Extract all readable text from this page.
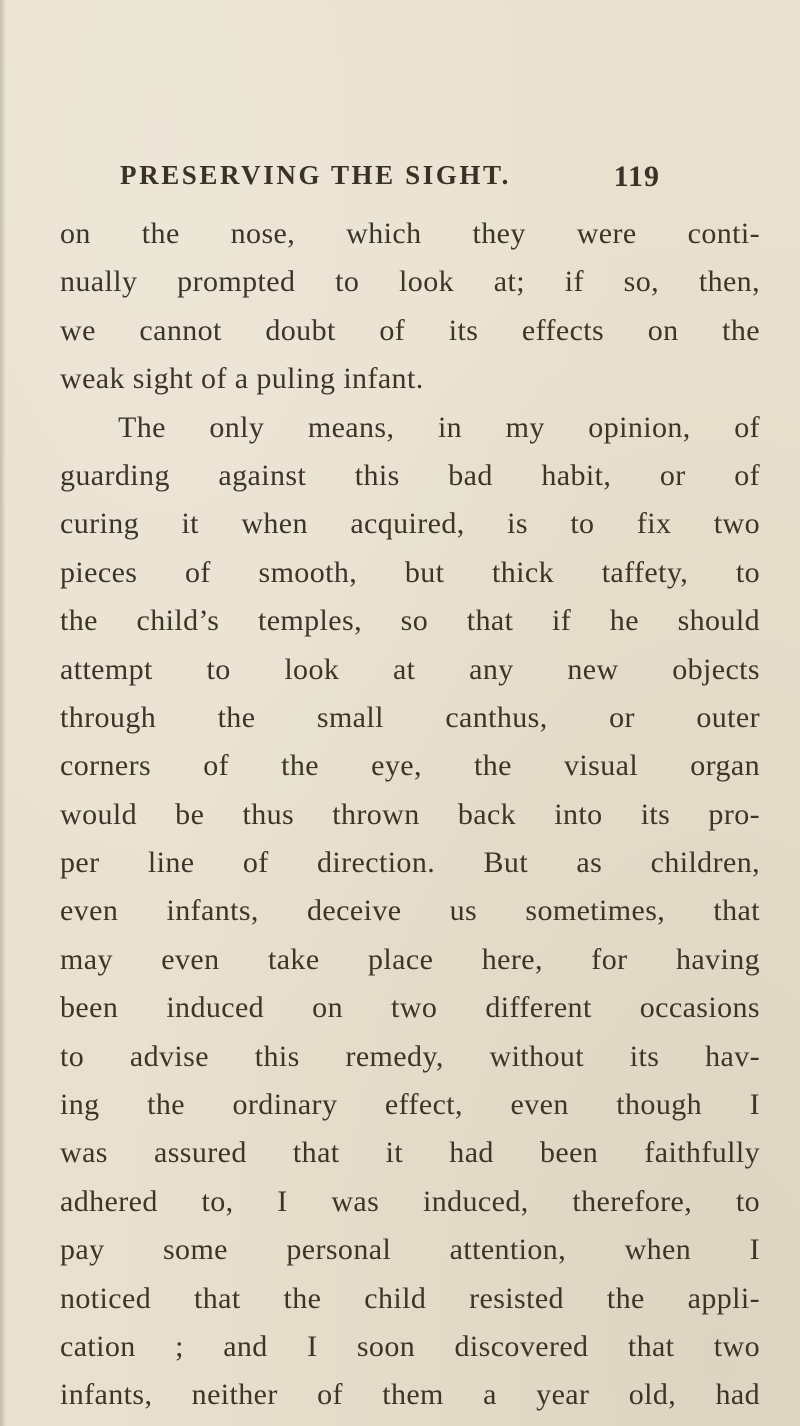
PRESERVING THE SIGHT.	119
on the nose, which they were conti-
nually prompted to look at; if so, then,
we cannot doubt of its effects on the
weak sight of a puling infant.
The only means, in my opinion, of
guarding against this bad habit, or of
curing it when acquired, is to fix two
pieces of smooth, but thick taffety, to
the child’s temples, so that if he should
attempt to look at any new objects
through the small canthus, or outer
corners of the eye, the visual organ
would be thus thrown back into its pro-
per line of direction. But as children,
even infants, deceive us sometimes, that
may even take place here, for having
been induced on two different occasions
to advise this remedy, without its hav-
ing the ordinary effect, even though I
was assured that it had been faithfully
adhered to, I was induced, therefore, to
pay some personal attention, when I
noticed that the child resisted the appli-
cation ; and I soon discovered that two
infants, neither of them a year old, had
